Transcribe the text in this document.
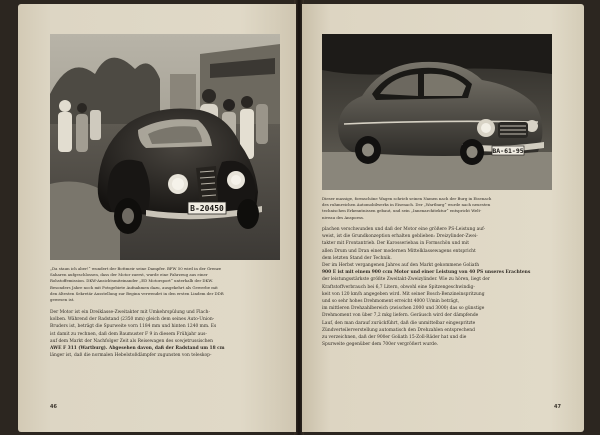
B-20450
„Da staun ich aber!“ wundert der Bottmeir seine Dampfer. BFW 50 wird in der Grenze
Saharen aufgeschlossen, dass der Motor zuerst, wurde eine Fahrzeug aus einer
Rohstoffemission. DKW-Ansichtsmiteinander „ED Motorsport“ unterhalb der DKW.
Besonders Jahre noch mit Potsgebiete Aufnahmen dazu, ausgekehrt als Gewerbe mit
den ältesten Sekretär Ausstellung zur Beginn verwendet in den ersten Lindem der DDR
gewesen ist.
Der Motor ist ein Dreiklasse-Zweitakter mit Umkehrspülung und Flach-
kolben. Während der Radstand (2350 mm) gleich dem seines Auto-Union-
Bruders ist, beträgt die Spurweite vorn 1184 mm und hinten 1240 mm. Es
ist damit zu rechnen, daß dem Baumuster F 9 in diesem Frühjahr aus-
auf dem Markt der Nachfolger Zeit als Reisewagen des sowjetrussischen
AWE F 311 (Wartburg). Abgesehen davon, daß der Radstand um 18 cm
länger ist, daß die normalen Hebelstoßdämpfer zugunsten von teleskop-
46
BA-61-95
Dieser massige, formschöne Wagen schrieb seinen Namen nach der Burg in Eisenach
des ruhmreichen Automobilwerks in Eisenach. Der „Wartburg“ wurde nach neuesten
technischen Erkenntnissen gebaut, und sein „Innenarchitektur“ entspricht Welt-
niveau des Ansporns.
plachen verschwunden und daß der Motor eine größere PS-Leistung auf-
weist, ist die Grundkonzeption erhalten geblieben: Dreizylinder-Zwei-
takter mit Frontantrieb. Der Karosseriebau in Formschön und mit
allen Drum und Dran einer modernen Mittelklassewagens entspricht
dem letzten Stand der Technik.
Der im Herbst vergangenen Jahres auf den Markt gekommene Goliath
900 E ist mit einem 900 ccm Motor und einer Leistung von 40 PS unseres Erachtens
der leistungsstärkste größte Zweitakt-Zweizylinder. Wie zu hören, liegt der
Kraftstoffverbrauch bei 6,7 Litern, obwohl eine Spitzengeschwindig-
keit von 120 km/h angegeben wird. Mit seiner Bosch-Benzineinspritzung
und so sehr hohes Drehmoment erreicht 4000 U/min beträgt,
im mittleren Drehzahlbereich (zwischen 2000 und 3000) das so günstige
Drehmoment von über 7,2 mkg liefern. Geräusch wird der dämpfende
Lauf, den man darauf zurückführt, daß die unmittelbar eingespritzte
Zündverteilerverstellung automatisch den Drehzahlen entsprechend
zu verzeichnen, daß der 900er Goliath 15-Zoll-Räder hat und die
Spurweite gegenüber dem 700er vergrößert wurde.
47
